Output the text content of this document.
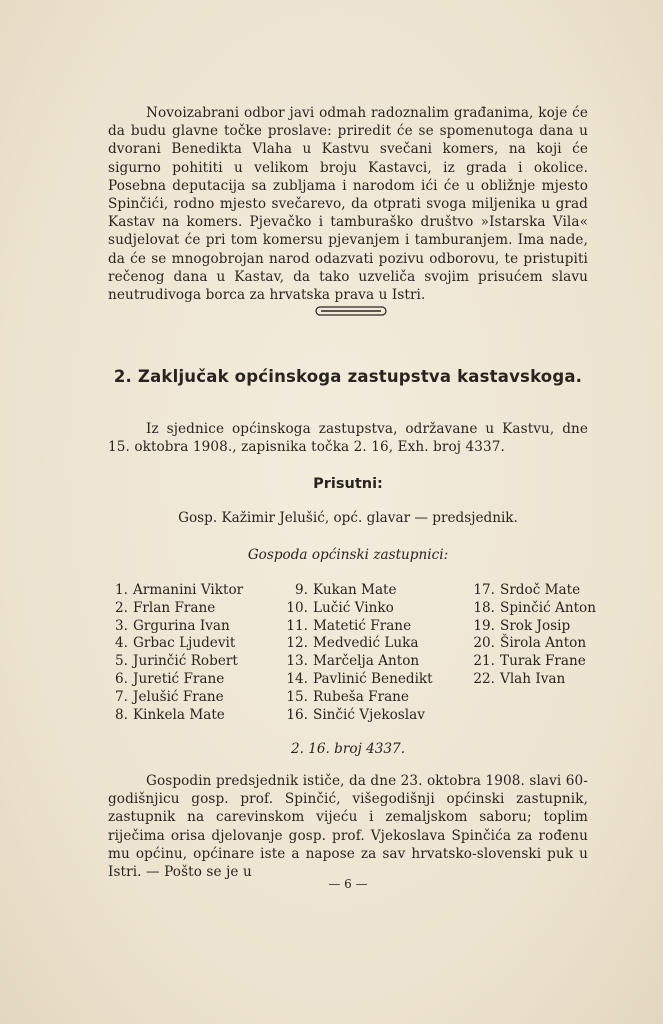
Novoizabrani odbor javi odmah radoznalim građanima, koje će da budu glavne točke proslave: priredit će se spomenutoga dana u dvorani Benedikta Vlaha u Kastvu svečani komers, na koji će sigurno pohititi u velikom broju Kastavci, iz grada i okolice. Posebna deputacija sa zubljama i narodom ići će u obližnje mjesto Spinčići, rodno mjesto svečarevo, da otprati svoga miljenika u grad Kastav na komers. Pjevačko i tamburaško društvo »Istarska Vila« sudjelovat će pri tom komersu pjevanjem i tamburanjem. Ima nade, da će se mnogobrojan narod odazvati pozivu odborovu, te pristupiti rečenog dana u Kastav, da tako uzveliča svojim prisućem slavu neutrudivoga borca za hrvatska prava u Istri.
2. Zaključak općinskoga zastupstva kastavskoga.
Iz sjednice općinskoga zastupstva, održavane u Kastvu, dne 15. oktobra 1908., zapisnika točka 2. 16, Exh. broj 4337.
Prisutni:
Gosp. Kažimir Jelušić, opć. glavar — predsjednik.
Gospoda općinski zastupnici:
1. Armanini Viktor
2. Frlan Frane
3. Grgurina Ivan
4. Grbac Ljudevit
5. Jurinčić Robert
6. Juretić Frane
7. Jelušić Frane
8. Kinkela Mate
9. Kukan Mate
10. Lučić Vinko
11. Matetić Frane
12. Medvedić Luka
13. Marčelja Anton
14. Pavlinić Benedikt
15. Rubeša Frane
16. Sinčić Vjekoslav
17. Srdoč Mate
18. Spinčić Anton
19. Srok Josip
20. Širola Anton
21. Turak Frane
22. Vlah Ivan
2. 16. broj 4337.
Gospodin predsjednik ističe, da dne 23. oktobra 1908. slavi 60-godišnjicu gosp. prof. Spinčić, višegodišnji općinski zastupnik, zastupnik na carevinskom vijeću i zemaljskom saboru; toplim riječima orisa djelovanje gosp. prof. Vjekoslava Spinčića za rođenu mu općinu, općinare iste a napose za sav hrvatsko-slovenski puk u Istri. — Pošto se je u
— 6 —
